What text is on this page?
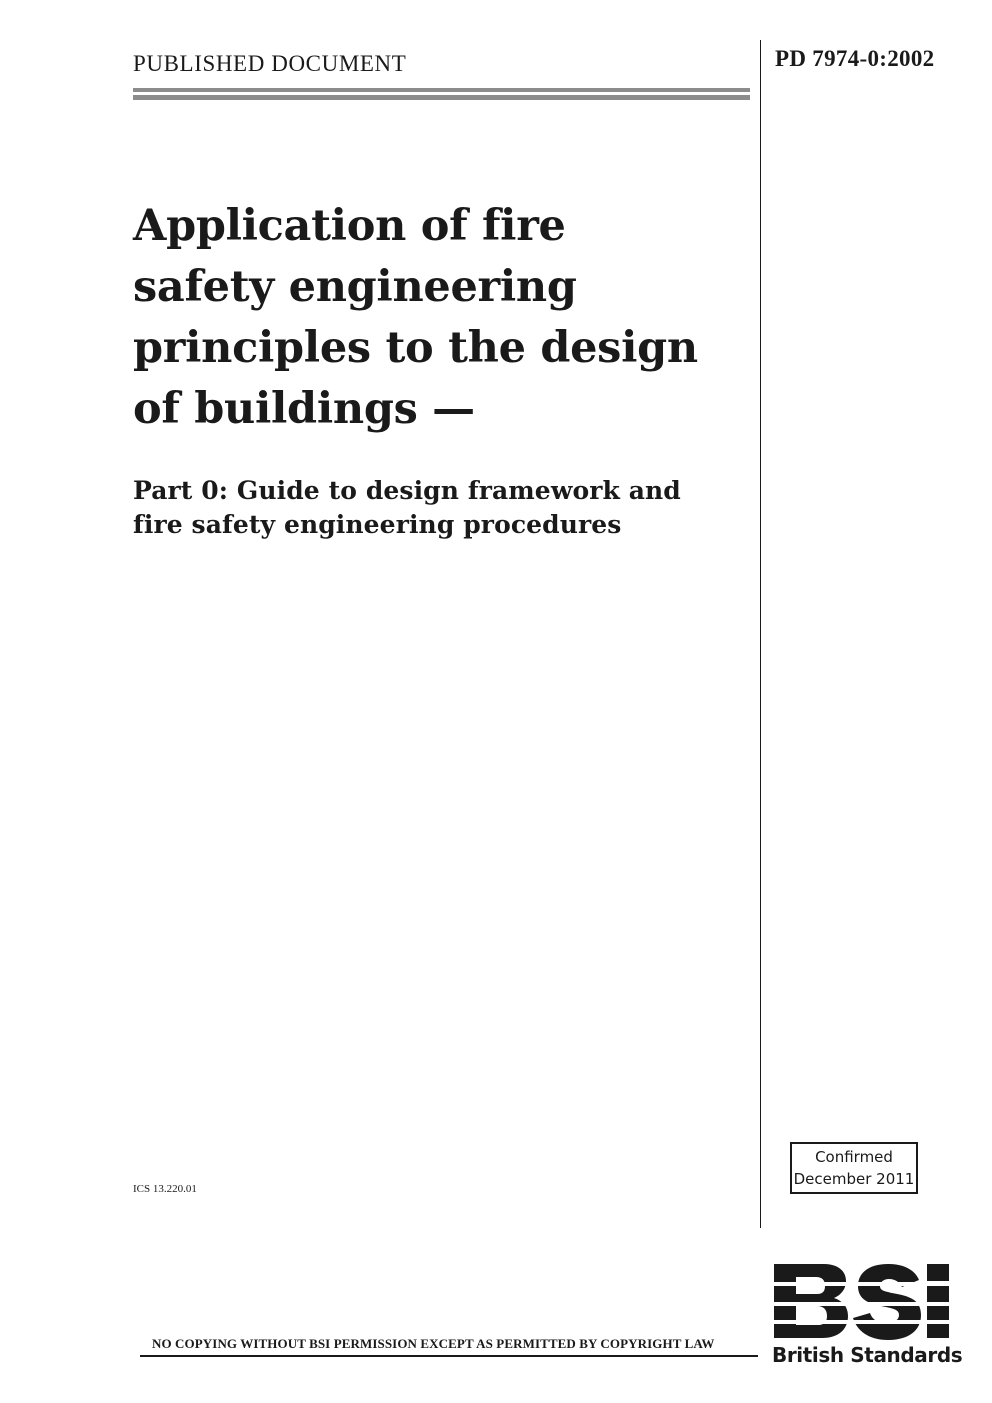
PUBLISHED DOCUMENT	PD 7974-0:2002
Application of fire
safety engineering
principles to the design
of buildings —
Part 0: Guide to design framework and
fire safety engineering procedures
ICS 13.220.01
Confirmed
December 2011
NO COPYING WITHOUT BSI PERMISSION EXCEPT AS PERMITTED BY COPYRIGHT LAW	British Standards
